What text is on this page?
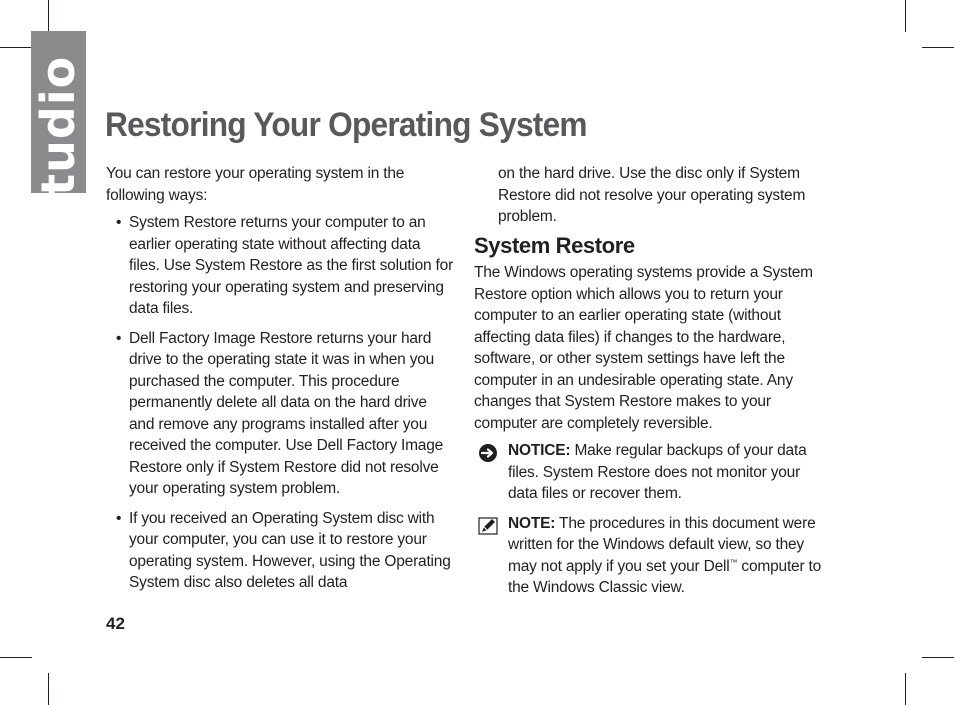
studio Restoring Your Operating System

You can restore your operating system in the following ways:

• System Restore returns your computer to an earlier operating state without affecting data files. Use System Restore as the first solution for restoring your operating system and preserving data files.
• Dell Factory Image Restore returns your hard drive to the operating state it was in when you purchased the computer. This procedure permanently delete all data on the hard drive and remove any programs installed after you received the computer. Use Dell Factory Image Restore only if System Restore did not resolve your operating system problem.
• If you received an Operating System disc with your computer, you can use it to restore your operating system. However, using the Operating System disc also deletes all data

on the hard drive. Use the disc only if System Restore did not resolve your operating system problem.

System Restore

The Windows operating systems provide a System Restore option which allows you to return your computer to an earlier operating state (without affecting data files) if changes to the hardware, software, or other system settings have left the computer in an undesirable operating state. Any changes that System Restore makes to your computer are completely reversible.

NOTICE: Make regular backups of your data files. System Restore does not monitor your data files or recover them.
NOTE: The procedures in this document were written for the Windows default view, so they may not apply if you set your Dell™ computer to the Windows Classic view.
42
